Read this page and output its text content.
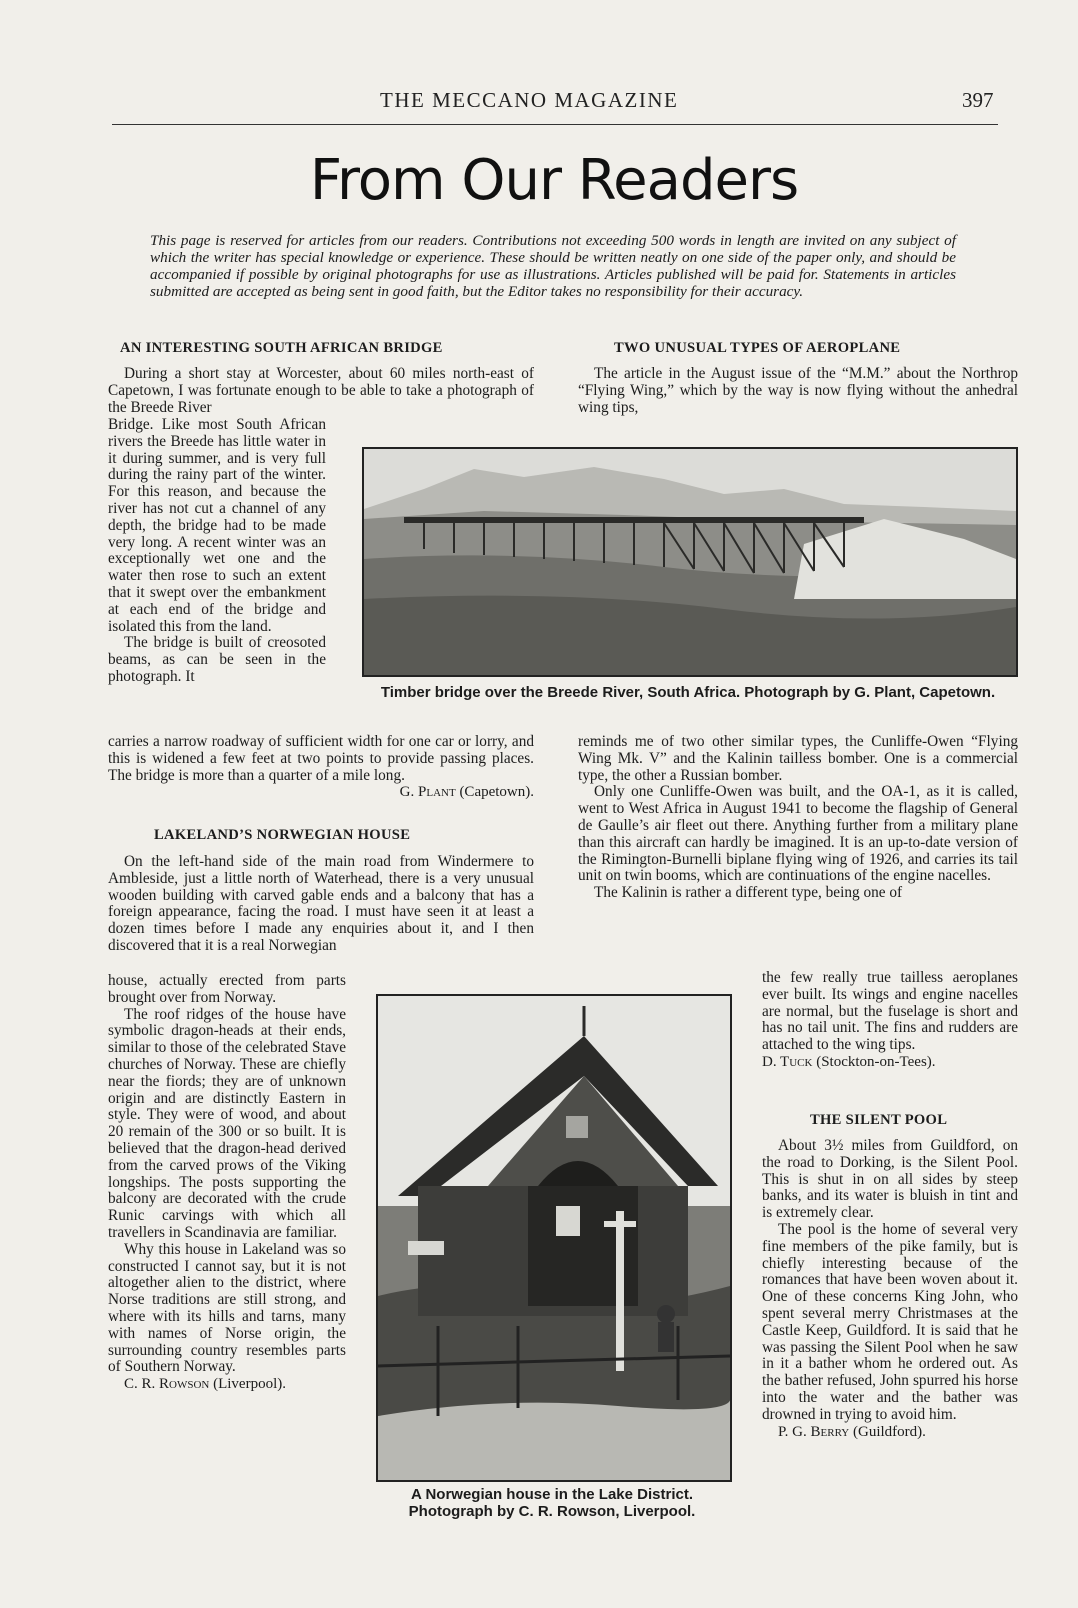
THE MECCANO MAGAZINE	397
From Our Readers
This page is reserved for articles from our readers. Contributions not exceeding 500 words in length are invited on any subject of which the writer has special knowledge or experience. These should be written neatly on one side of the paper only, and should be accompanied if possible by original photographs for use as illustrations. Articles published will be paid for. Statements in articles submitted are accepted as being sent in good faith, but the Editor takes no responsibility for their accuracy.
AN INTERESTING SOUTH AFRICAN BRIDGE

During a short stay at Worcester, about 60 miles north-east of Capetown, I was fortunate enough to be able to take a photograph of the Breede River

Bridge. Like most South African rivers the Breede has little water in it during summer, and is very full during the rainy part of the winter. For this reason, and because the river has not cut a channel of any depth, the bridge had to be made very long. A recent winter was an exceptionally wet one and the water then rose to such an extent that it swept over the embankment at each end of the bridge and isolated this from the land.

The bridge is built of creosoted beams, as can be seen in the photograph. It

carries a narrow roadway of sufficient width for one car or lorry, and this is widened a few feet at two points to provide passing places. The bridge is more than a quarter of a mile long.

G. Plant (Capetown).
Timber bridge over the Breede River, South Africa. Photograph by G. Plant, Capetown.
TWO UNUSUAL TYPES OF AEROPLANE

The article in the August issue of the “M.M.” about the Northrop “Flying Wing,” which by the way is now flying without the anhedral wing tips,

reminds me of two other similar types, the Cunliffe-Owen “Flying Wing Mk. V” and the Kalinin tailless bomber. One is a commercial type, the other a Russian bomber.

Only one Cunliffe-Owen was built, and the OA-1, as it is called, went to West Africa in August 1941 to become the flagship of General de Gaulle’s air fleet out there. Anything further from a military plane than this aircraft can hardly be imagined. It is an up-to-date version of the Rimington-Burnelli biplane flying wing of 1926, and carries its tail unit on twin booms, which are continuations of the engine nacelles.

The Kalinin is rather a different type, being one of

the few really true tailless aeroplanes ever built. Its wings and engine nacelles are normal, but the fuselage is short and has no tail unit. The fins and rudders are attached to the wing tips.

D. Tuck (Stockton-on-Tees).
LAKELAND’S NORWEGIAN HOUSE

On the left-hand side of the main road from Windermere to Ambleside, just a little north of Waterhead, there is a very unusual wooden building with carved gable ends and a balcony that has a foreign appearance, facing the road. I must have seen it at least a dozen times before I made any enquiries about it, and I then discovered that it is a real Norwegian

house, actually erected from parts brought over from Norway.

The roof ridges of the house have symbolic dragon-heads at their ends, similar to those of the celebrated Stave churches of Norway. These are chiefly near the fiords; they are of unknown origin and are distinctly Eastern in style. They were of wood, and about 20 remain of the 300 or so built. It is believed that the dragon-head derived from the carved prows of the Viking longships. The posts supporting the balcony are decorated with the crude Runic carvings with which all travellers in Scandinavia are familiar.

Why this house in Lakeland was so constructed I cannot say, but it is not altogether alien to the district, where Norse traditions are still strong, and where with its hills and tarns, many with names of Norse origin, the surrounding country resembles parts of Southern Norway.

C. R. Rowson (Liverpool).
A Norwegian house in the Lake District. Photograph by C. R. Rowson, Liverpool.
THE SILENT POOL

About 3½ miles from Guildford, on the road to Dorking, is the Silent Pool. This is shut in on all sides by steep banks, and its water is bluish in tint and is extremely clear.

The pool is the home of several very fine members of the pike family, but is chiefly interesting because of the romances that have been woven about it. One of these concerns King John, who spent several merry Christmases at the Castle Keep, Guildford. It is said that he was passing the Silent Pool when he saw in it a bather whom he ordered out. As the bather refused, John spurred his horse into the water and the bather was drowned in trying to avoid him.

P. G. Berry (Guildford).
